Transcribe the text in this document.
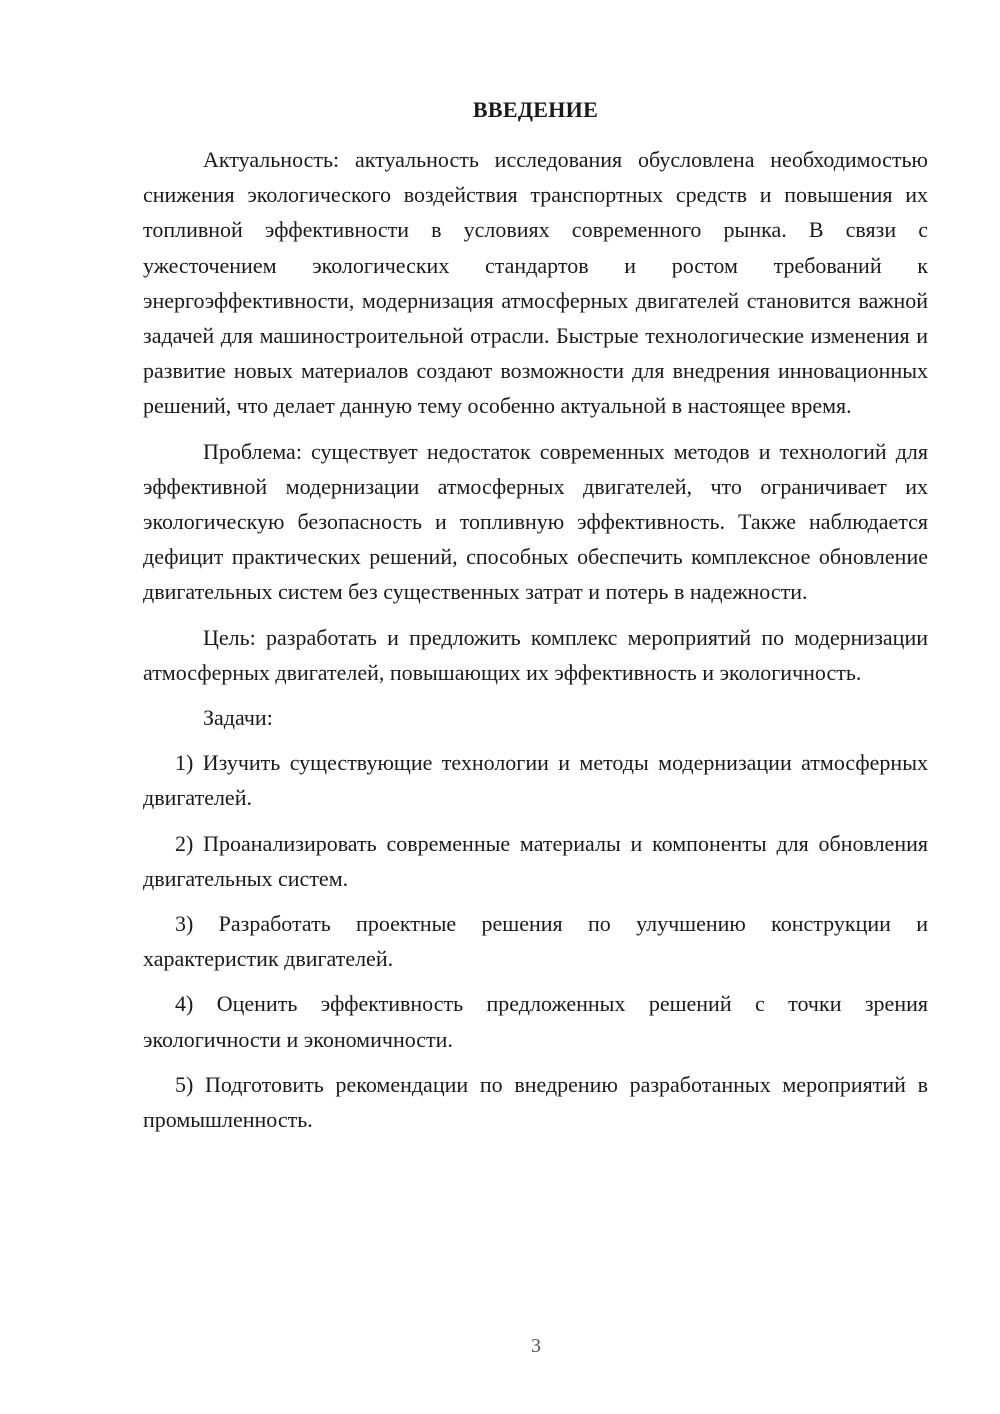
ВВЕДЕНИЕ

Актуальность: актуальность исследования обусловлена необходимостью снижения экологического воздействия транспортных средств и повышения их топливной эффективности в условиях современного рынка. В связи с ужесточением экологических стандартов и ростом требований к энергоэффективности, модернизация атмосферных двигателей становится важной задачей для машиностроительной отрасли. Быстрые технологические изменения и развитие новых материалов создают возможности для внедрения инновационных решений, что делает данную тему особенно актуальной в настоящее время.

Проблема: существует недостаток современных методов и технологий для эффективной модернизации атмосферных двигателей, что ограничивает их экологическую безопасность и топливную эффективность. Также наблюдается дефицит практических решений, способных обеспечить комплексное обновление двигательных систем без существенных затрат и потерь в надежности.

Цель: разработать и предложить комплекс мероприятий по модернизации атмосферных двигателей, повышающих их эффективность и экологичность.

Задачи:

1) Изучить существующие технологии и методы модернизации атмосферных двигателей.

2) Проанализировать современные материалы и компоненты для обновления двигательных систем.

3) Разработать проектные решения по улучшению конструкции и характеристик двигателей.

4) Оценить эффективность предложенных решений с точки зрения экологичности и экономичности.

5) Подготовить рекомендации по внедрению разработанных мероприятий в промышленность.

3
